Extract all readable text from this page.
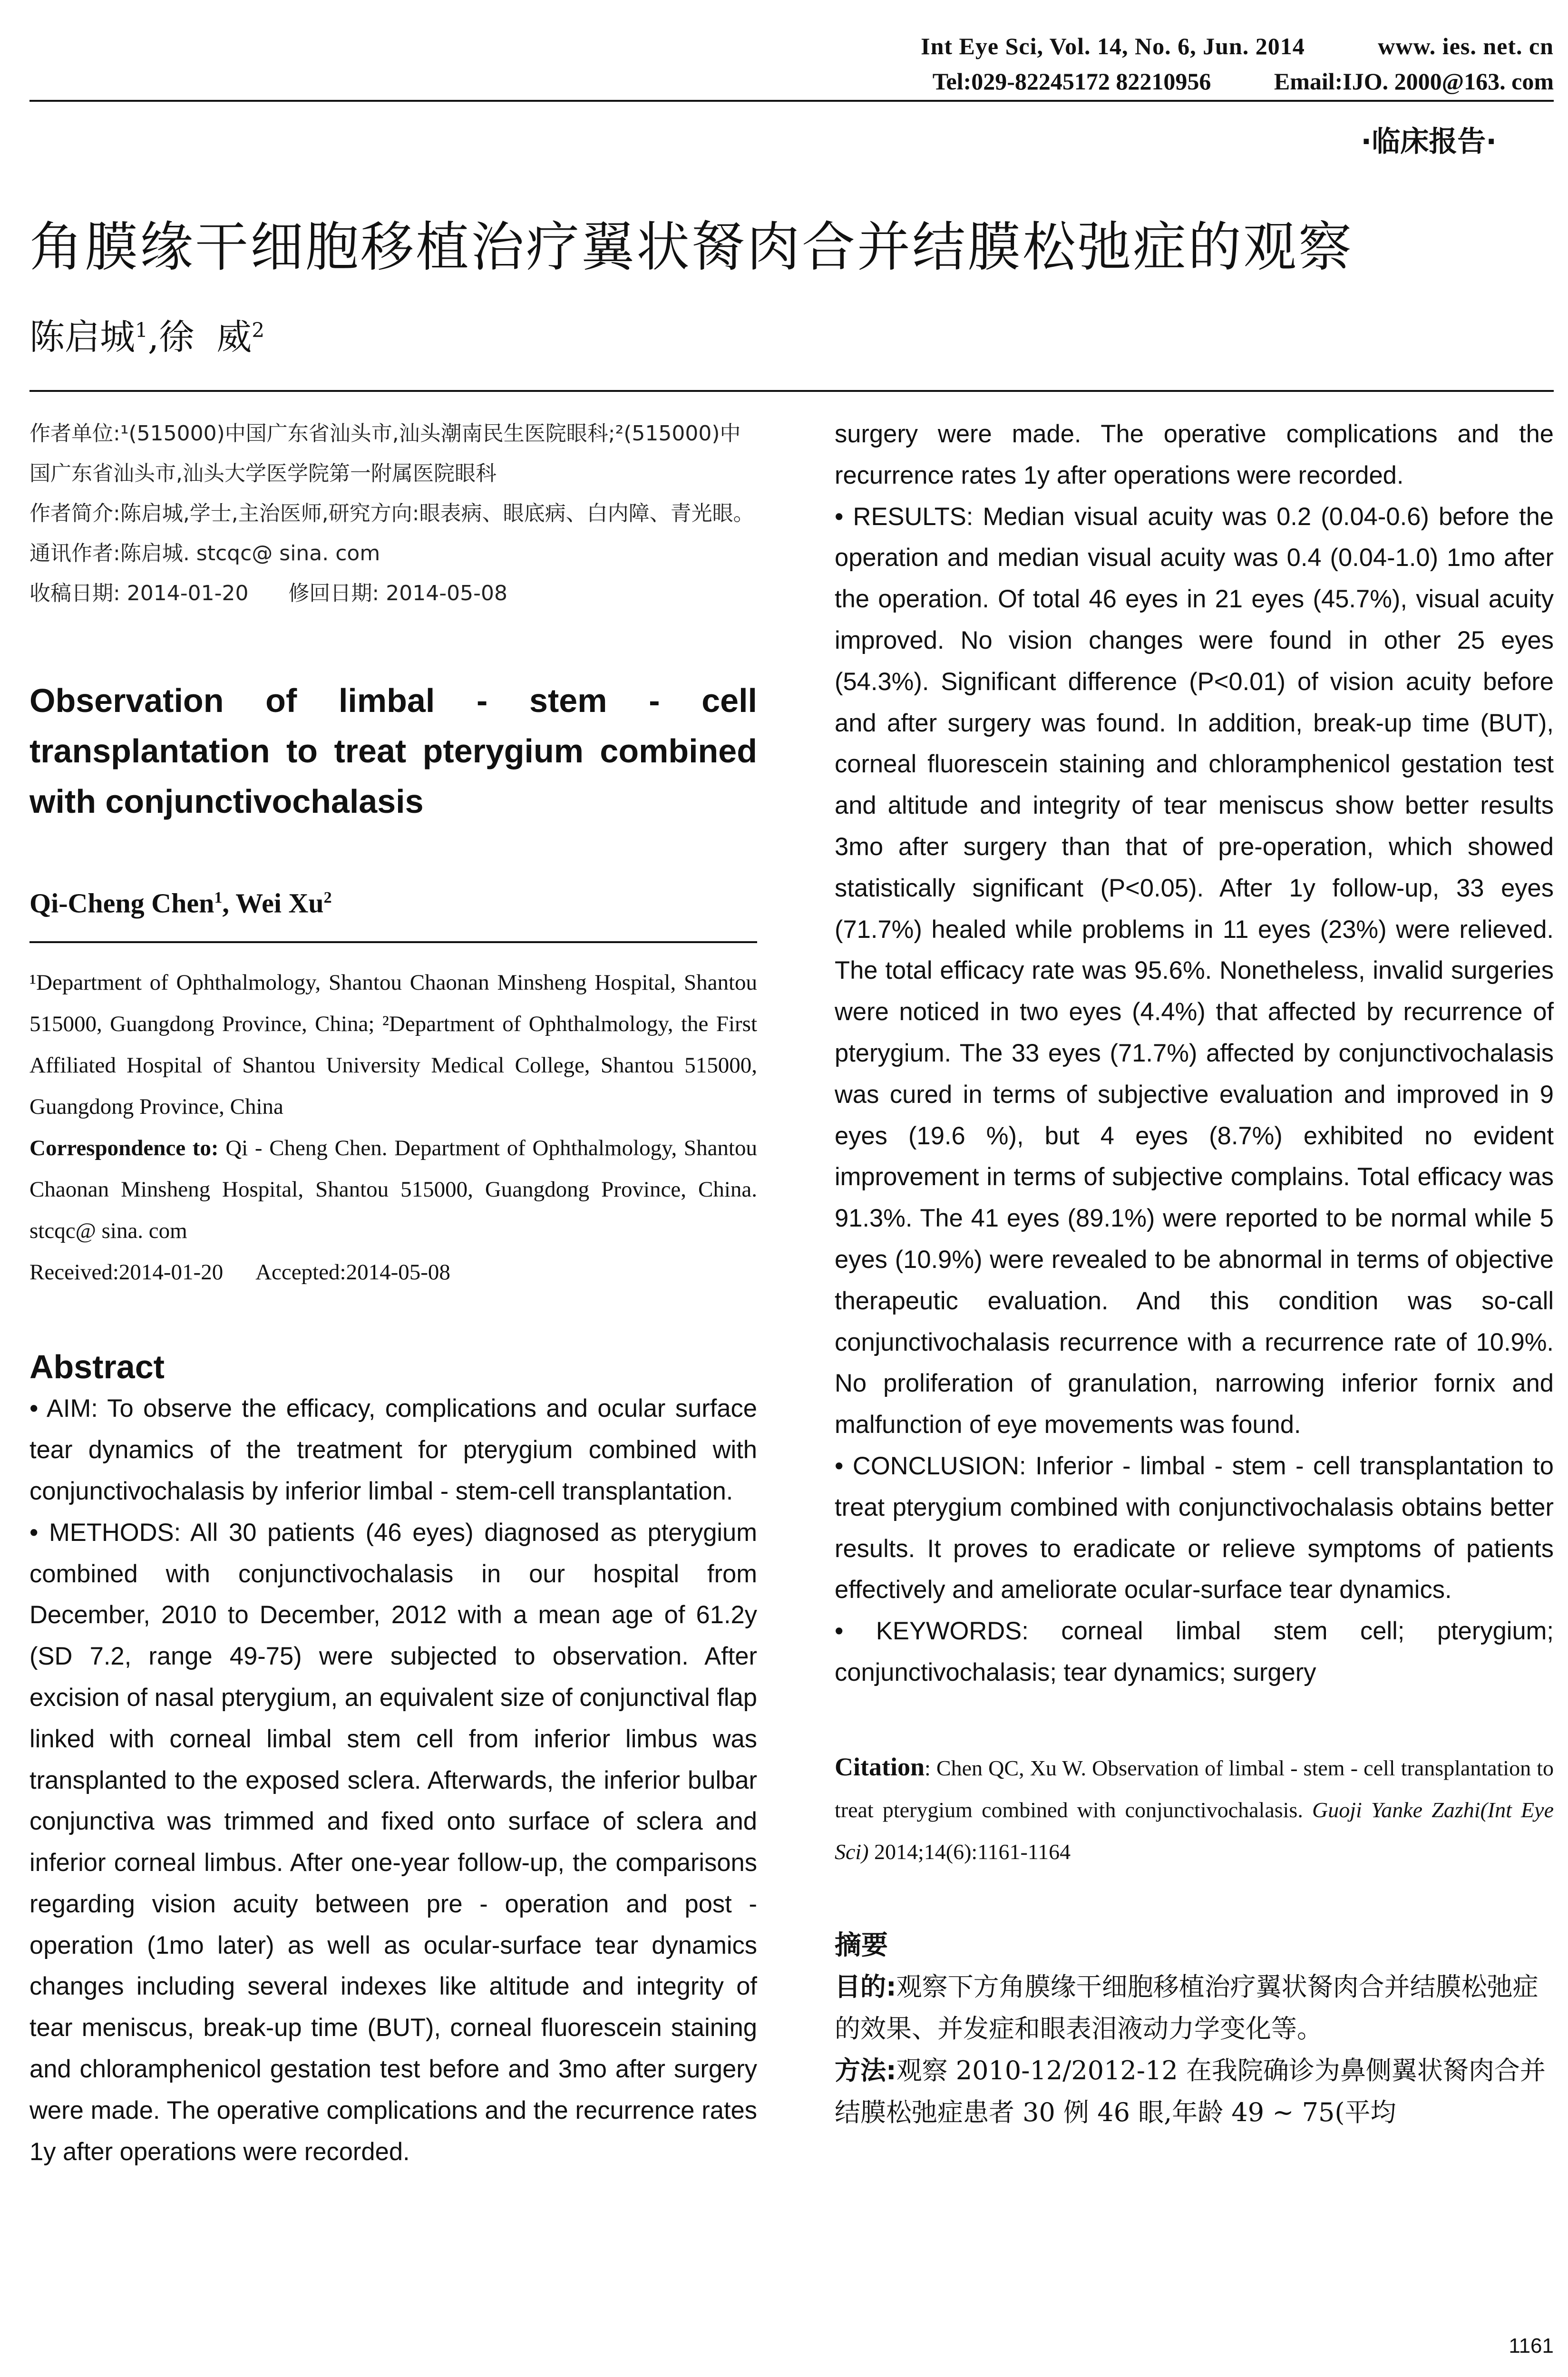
Int Eye Sci, Vol. 14, No. 6, Jun. 2014	www. ies. net. cn
Tel:029-82245172 82210956	Email:IJO. 2000@163. com
·临床报告·
角膜缘干细胞移植治疗翼状胬肉合并结膜松弛症的观察
陈启城$^1$,徐  威$^2$

作者单位:¹(515000)中国广东省汕头市,汕头潮南民生医院眼科;²(515000)中国广东省汕头市,汕头大学医学院第一附属医院眼科

作者简介:陈启城,学士,主治医师,研究方向:眼表病、眼底病、白内障、青光眼。

通讯作者:陈启城. stcqc@ sina. com

收稿日期: 2014-01-20      修回日期: 2014-05-08

Observation of limbal - stem - cell transplantation to treat pterygium combined with conjunctivochalasis
Qi-Cheng Chen$^1$, Wei Xu$^2$

¹Department of Ophthalmology, Shantou Chaonan Minsheng Hospital, Shantou 515000, Guangdong Province, China; ²Department of Ophthalmology, the First Affiliated Hospital of Shantou University Medical College, Shantou 515000, Guangdong Province, China

Correspondence to: Qi - Cheng Chen. Department of Ophthalmology, Shantou Chaonan Minsheng Hospital, Shantou 515000, Guangdong Province, China. stcqc@ sina. com

Received:2014-01-20      Accepted:2014-05-08

Abstract

• AIM: To observe the efficacy, complications and ocular surface tear dynamics of the treatment for pterygium combined with conjunctivochalasis by inferior limbal - stem-cell transplantation.

• METHODS: All 30 patients (46 eyes) diagnosed as pterygium combined with conjunctivochalasis in our hospital from December, 2010 to December, 2012 with a mean age of 61.2y (SD 7.2, range 49-75) were subjected to observation. After excision of nasal pterygium, an equivalent size of conjunctival flap linked with corneal limbal stem cell from inferior limbus was transplanted to the exposed sclera. Afterwards, the inferior bulbar conjunctiva was trimmed and fixed onto surface of sclera and inferior corneal limbus. After one-year follow-up, the comparisons regarding vision acuity between pre - operation and post - operation (1mo later) as well as ocular-surface tear dynamics changes including several indexes like altitude and integrity of tear meniscus, break-up time (BUT), corneal fluorescein staining and chloramphenicol gestation test before and 3mo after surgery were made. The operative complications and the recurrence rates 1y after operations were recorded.

surgery were made. The operative complications and the recurrence rates 1y after operations were recorded.

• RESULTS: Median visual acuity was 0.2 (0.04-0.6) before the operation and median visual acuity was 0.4 (0.04-1.0) 1mo after the operation. Of total 46 eyes in 21 eyes (45.7%), visual acuity improved. No vision changes were found in other 25 eyes (54.3%). Significant difference (P<0.01) of vision acuity before and after surgery was found. In addition, break-up time (BUT), corneal fluorescein staining and chloramphenicol gestation test and altitude and integrity of tear meniscus show better results 3mo after surgery than that of pre-operation, which showed statistically significant (P<0.05). After 1y follow-up, 33 eyes (71.7%) healed while problems in 11 eyes (23%) were relieved. The total efficacy rate was 95.6%. Nonetheless, invalid surgeries were noticed in two eyes (4.4%) that affected by recurrence of pterygium. The 33 eyes (71.7%) affected by conjunctivochalasis was cured in terms of subjective evaluation and improved in 9 eyes (19.6 %), but 4 eyes (8.7%) exhibited no evident improvement in terms of subjective complains. Total efficacy was 91.3%. The 41 eyes (89.1%) were reported to be normal while 5 eyes (10.9%) were revealed to be abnormal in terms of objective therapeutic evaluation. And this condition was so-call conjunctivochalasis recurrence with a recurrence rate of 10.9%. No proliferation of granulation, narrowing inferior fornix and malfunction of eye movements was found.

• CONCLUSION: Inferior - limbal - stem - cell transplantation to treat pterygium combined with conjunctivochalasis obtains better results. It proves to eradicate or relieve symptoms of patients effectively and ameliorate ocular-surface tear dynamics.

• KEYWORDS: corneal limbal stem cell; pterygium; conjunctivochalasis; tear dynamics; surgery

Citation: Chen QC, Xu W. Observation of limbal - stem - cell transplantation to treat pterygium combined with conjunctivochalasis. Guoji Yanke Zazhi(Int Eye Sci) 2014;14(6):1161-1164
摘要

目的:观察下方角膜缘干细胞移植治疗翼状胬肉合并结膜松弛症的效果、并发症和眼表泪液动力学变化等。

方法:观察 2010-12/2012-12 在我院确诊为鼻侧翼状胬肉合并结膜松弛症患者 30 例 46 眼,年龄 49 ~ 75(平均

1161
